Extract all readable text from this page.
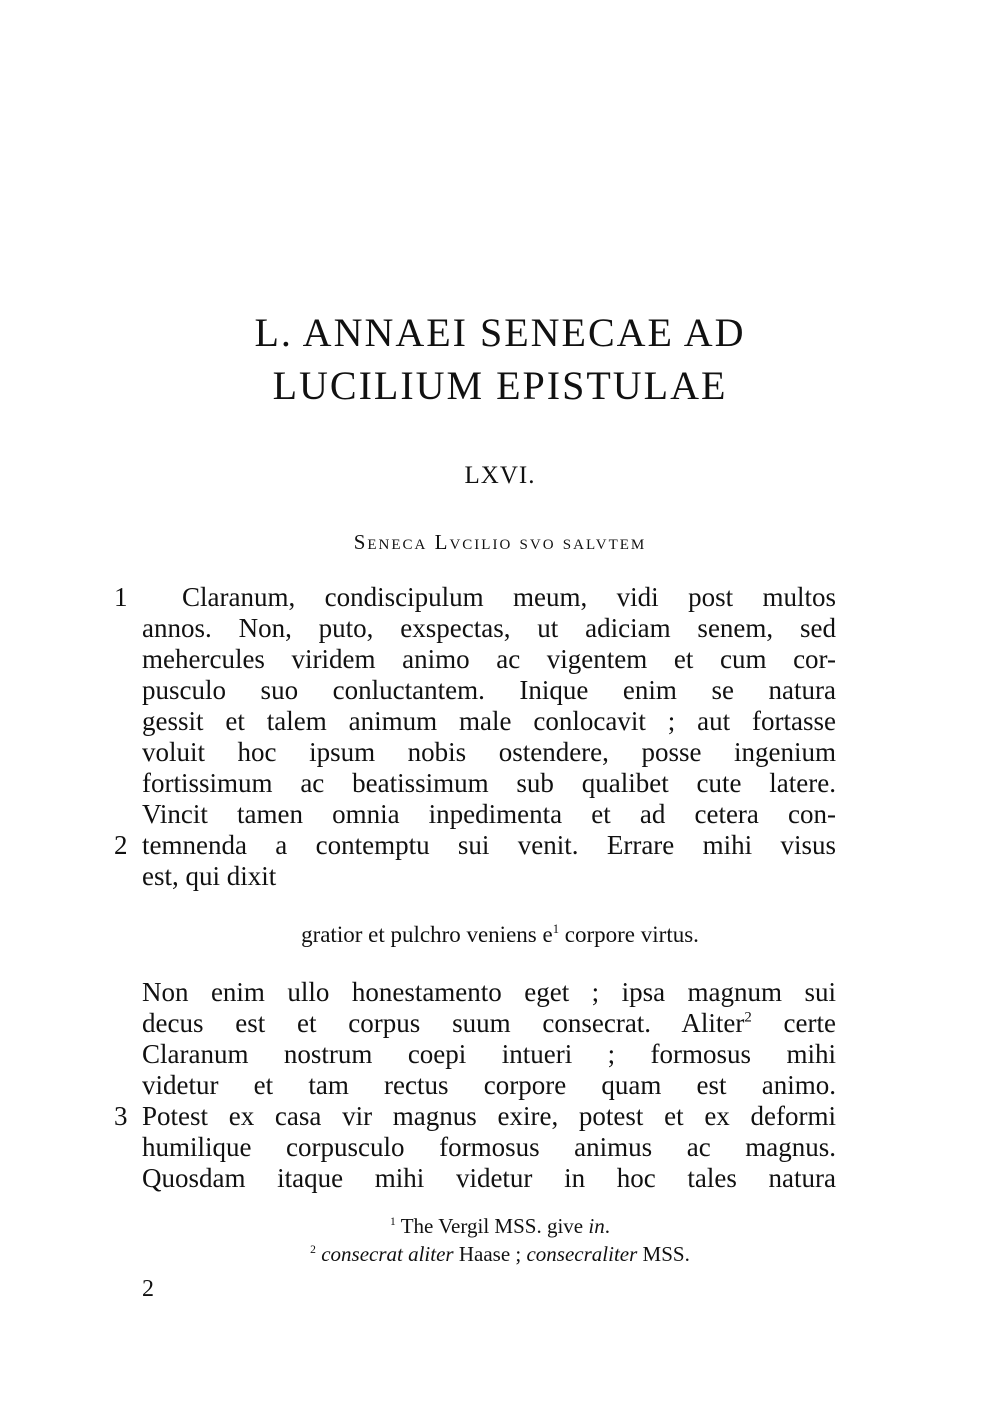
L. ANNAEI SENECAE AD
LUCILIUM EPISTULAE
LXVI.
Seneca Lvcilio svo salvtem
1	Claranum, condiscipulum meum, vidi post multos
annos. Non, puto, exspectas, ut adiciam senem, sed
mehercules viridem animo ac vigentem et cum cor-
pusculo suo conluctantem. Inique enim se natura
gessit et talem animum male conlocavit ; aut fortasse
voluit hoc ipsum nobis ostendere, posse ingenium
fortissimum ac beatissimum sub qualibet cute latere.
Vincit tamen omnia inpedimenta et ad cetera con-
2 temnenda a contemptu sui venit. Errare mihi visus
est, qui dixit
gratior et pulchro veniens $e^1$ corpore virtus.
Non enim ullo honestamento eget ; ipsa magnum sui
decus est et corpus suum consecrat. Aliter$^2$ certe
Claranum nostrum coepi intueri ; formosus mihi
videtur et tam rectus corpore quam est animo.
3 Potest ex casa vir magnus exire, potest et ex deformi
humilique corpusculo formosus animus ac magnus.
Quosdam itaque mihi videtur in hoc tales natura
$^1$ The Vergil MSS. give in.
$^2$ consecrat aliter Haase ; consecraliter MSS.
2
